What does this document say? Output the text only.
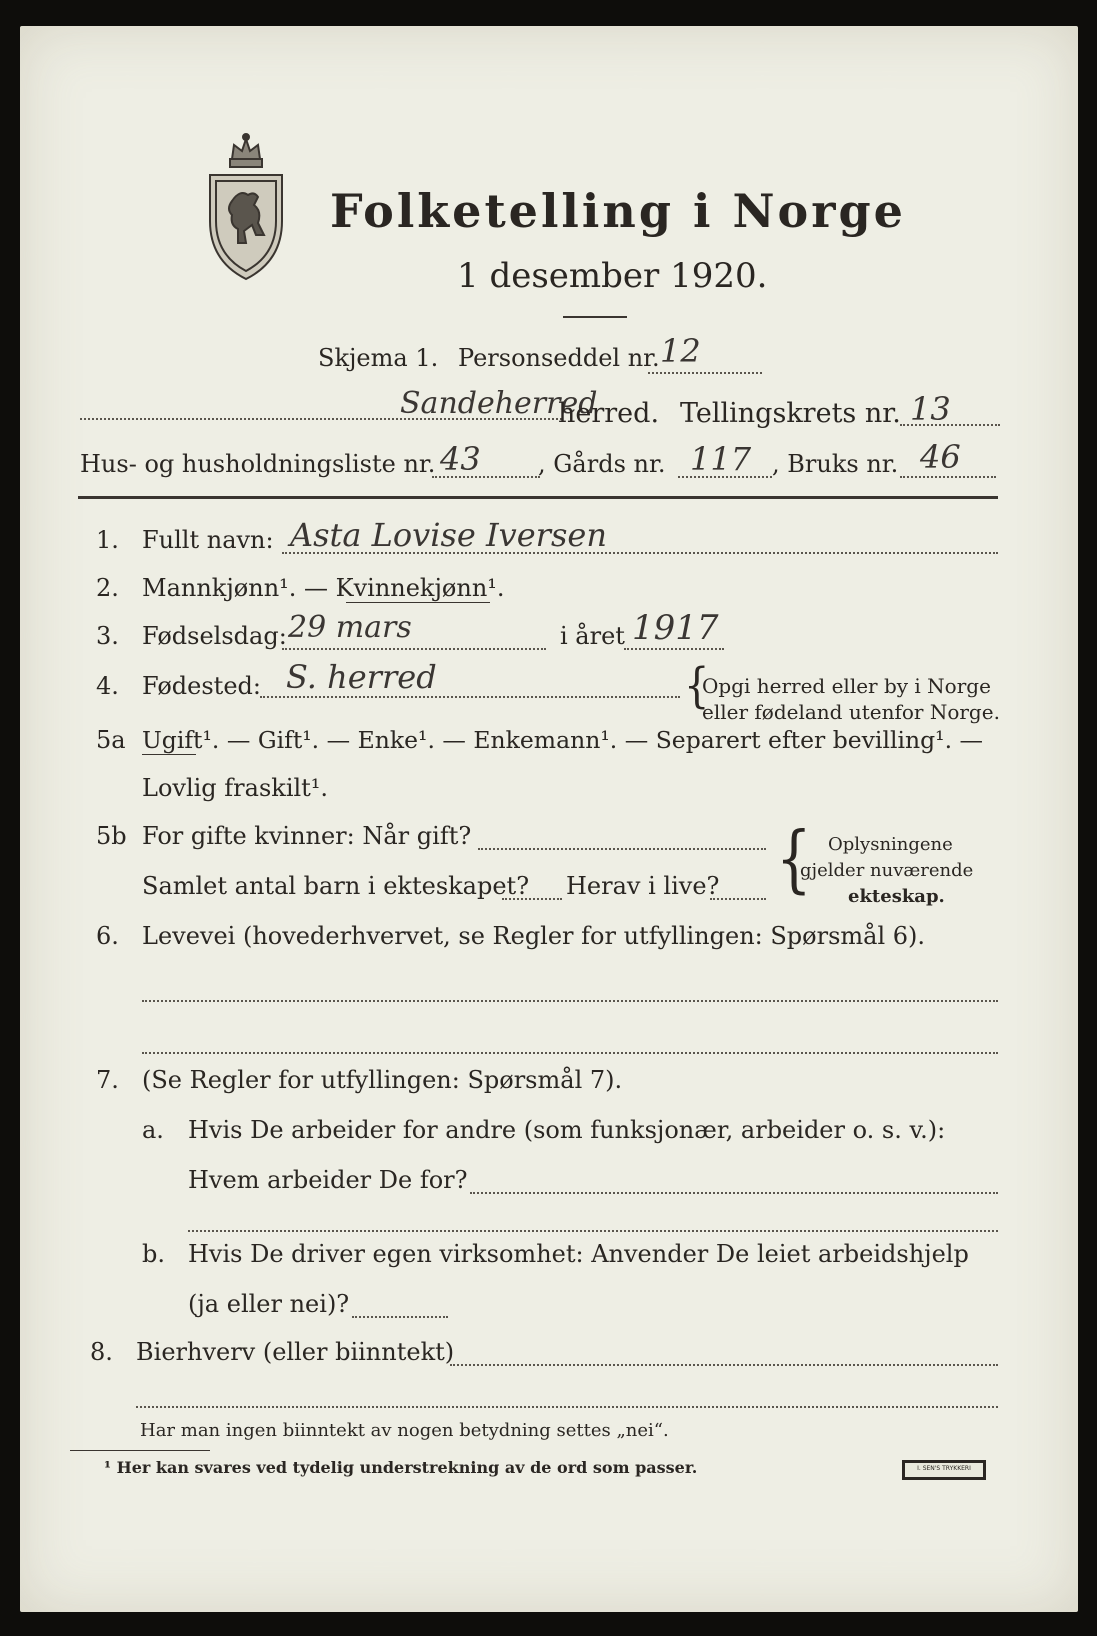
Folketelling i Norge
1 desember 1920.
Skjema 1. Personseddel nr. 12
Sandeherred
herred. Tellingskrets nr. 13
Hus- og husholdningsliste nr. 43 , Gårds nr. 117 , Bruks nr. 46
1. Fullt navn: Asta Lovise Iversen
2. Mannkjønn¹. — Kvinnekjønn¹.
3. Fødselsdag: 29 mars	i året 1917
4. Fødested: S. herred	{
Opgi herred eller by i Norge
eller fødeland utenfor Norge.
5a Ugift¹. — Gift¹. — Enke¹. — Enkemann¹. — Separert efter bevilling¹. —
Lovlig fraskilt¹.
5b For gifte kvinner: Når gift?
Samlet antal barn i ekteskapet? Herav i live? { Oplysningene
gjelder nuværende
ekteskap.
6. Levevei (hovederhvervet, se Regler for utfyllingen: Spørsmål 6).
7. (Se Regler for utfyllingen: Spørsmål 7).
a. Hvis De arbeider for andre (som funksjonær, arbeider o. s. v.):
Hvem arbeider De for?
b. Hvis De driver egen virksomhet: Anvender De leiet arbeidshjelp
(ja eller nei)?
8. Bierhverv (eller biinntekt)
Har man ingen biinntekt av nogen betydning settes „nei“.
¹ Her kan svares ved tydelig understrekning av de ord som passer.	I. SEN'S TRYKKERI
